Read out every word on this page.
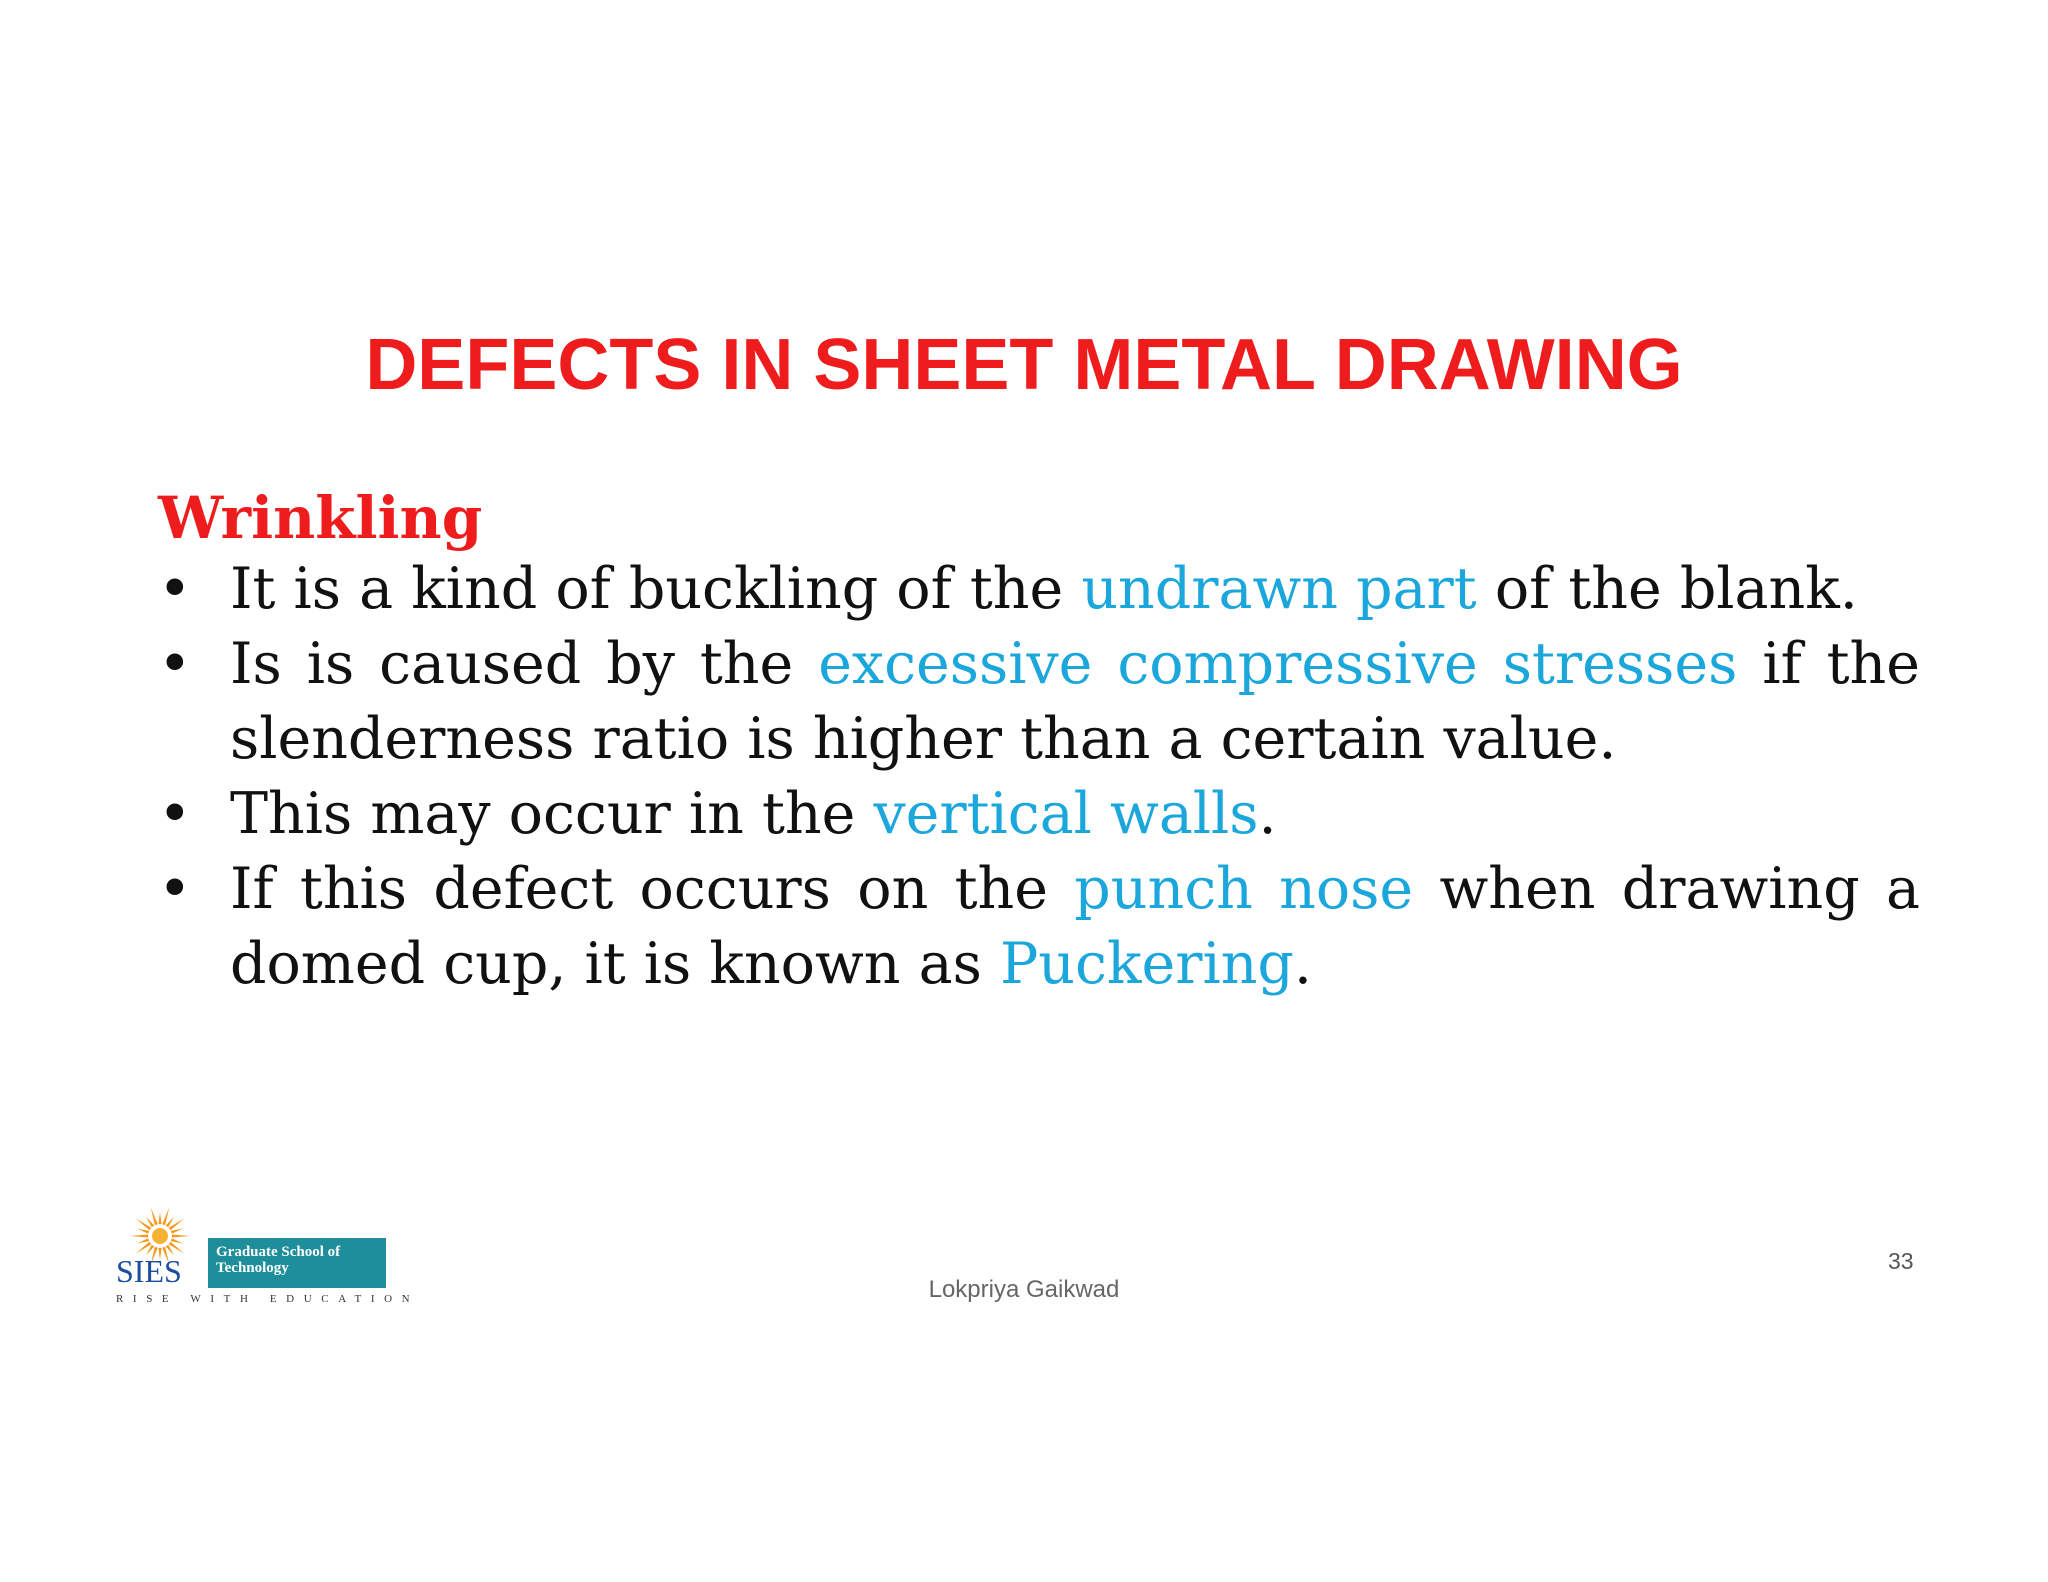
DEFECTS IN SHEET METAL DRAWING
Wrinkling
• It is a kind of buckling of the undrawn part of the blank.
• Is is caused by the excessive compressive stresses if the slenderness ratio is higher than a certain value.
• This may occur in the vertical walls.
• If this defect occurs on the punch nose when drawing a domed cup, it is known as Puckering.
SIES
Graduate School of
Technology
RISE WITH EDUCATION	Lokpriya Gaikwad
33
